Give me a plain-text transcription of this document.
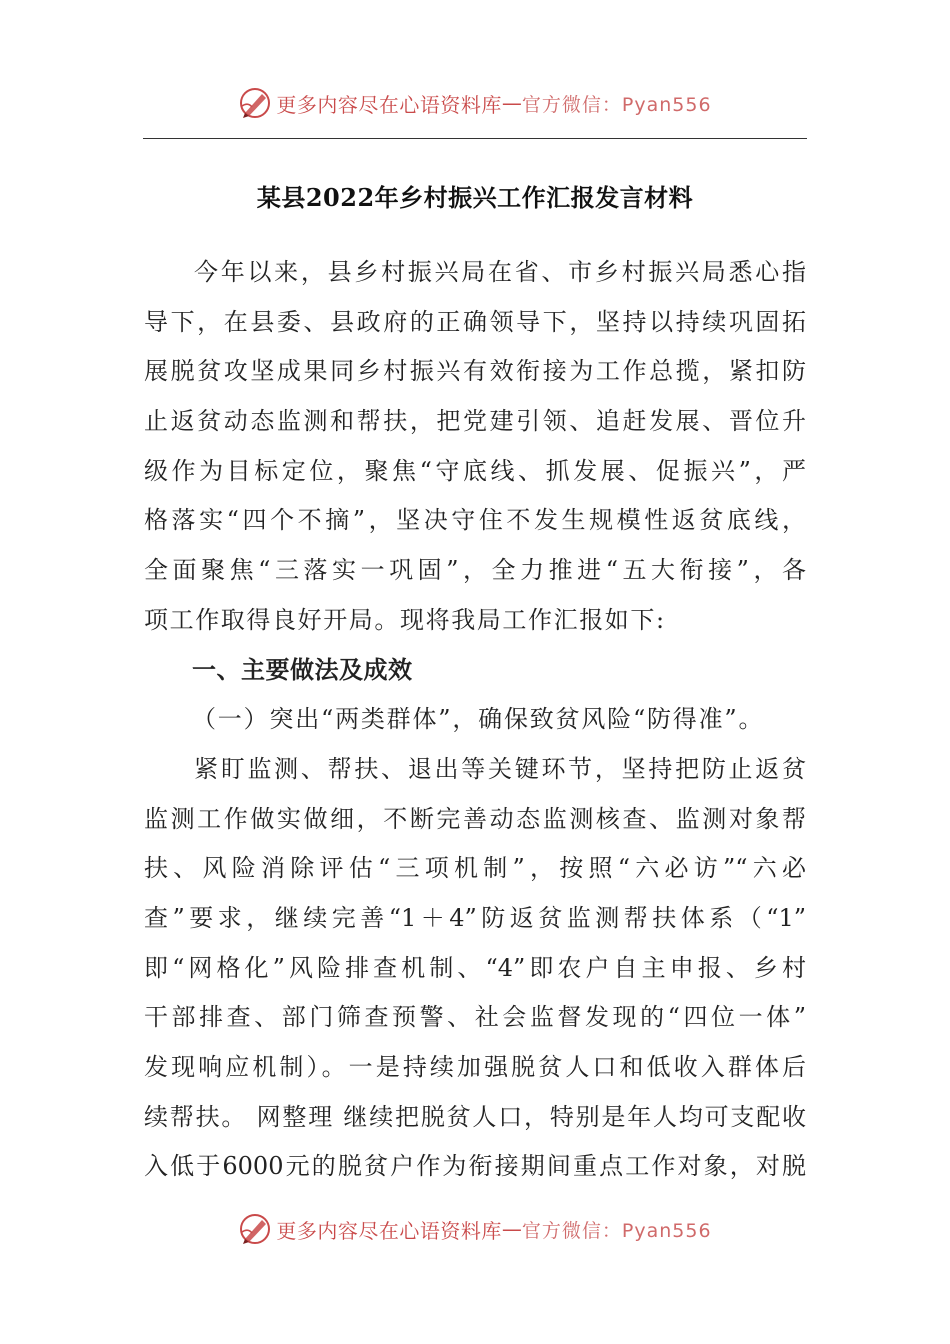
更多内容尽在心语资料库 — 官方微信：Pyan556
某县2022年乡村振兴工作汇报发言材料
今年以来，县乡村振兴局在省、市乡村振兴局悉心指
导下，在县委、县政府的正确领导下，坚持以持续巩固拓
展脱贫攻坚成果同乡村振兴有效衔接为工作总揽，紧扣防
止返贫动态监测和帮扶，把党建引领、追赶发展、晋位升
级作为目标定位，聚焦“守底线、抓发展、促振兴”，严
格落实“四个不摘”，坚决守住不发生规模性返贫底线，
全面聚焦“三落实一巩固”，全力推进“五大衔接”，各
项工作取得良好开局。现将我局工作汇报如下:
一、主要做法及成效
（一）突出“两类群体”，确保致贫风险“防得准”。
紧盯监测、帮扶、退出等关键环节，坚持把防止返贫
监测工作做实做细，不断完善动态监测核查、监测对象帮
扶、风险消除评估“三项机制”，按照“六必访”“六必
查”要求，继续完善“1＋4”防返贫监测帮扶体系（“1”
即“网格化”风险排查机制、“4”即农户自主申报、乡村
干部排查、部门筛查预警、社会监督发现的“四位一体”
发现响应机制）。一是持续加强脱贫人口和低收入群体后
续帮扶。 网整理 继续把脱贫人口，特别是年人均可支配收
入低于6000元的脱贫户作为衔接期间重点工作对象，对脱
更多内容尽在心语资料库 — 官方微信：Pyan556
